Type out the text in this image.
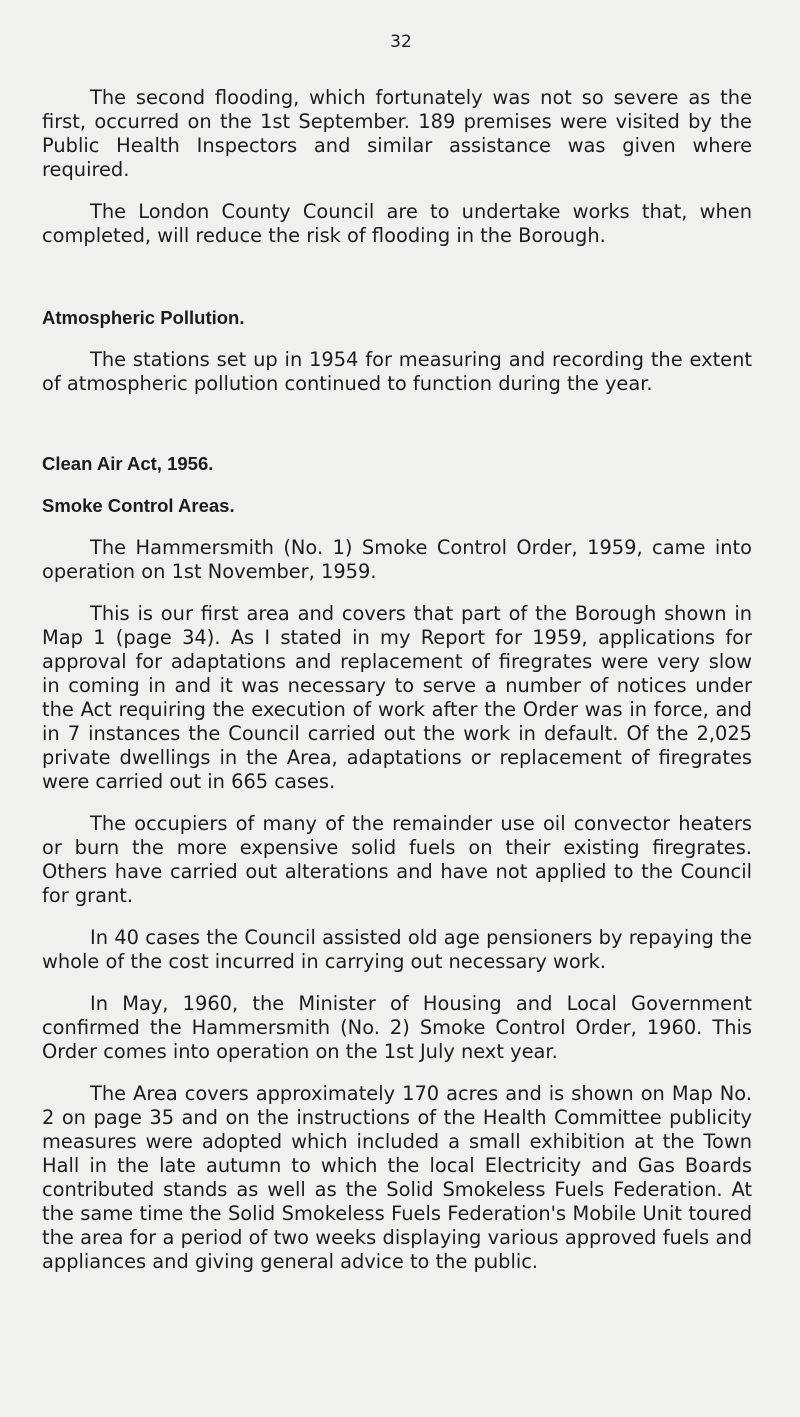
32

The second flooding, which fortunately was not so severe as the first, occurred on the 1st September. 189 premises were visited by the Public Health Inspectors and similar assistance was given where required.

The London County Council are to undertake works that, when completed, will reduce the risk of flooding in the Borough.

Atmospheric Pollution.

The stations set up in 1954 for measuring and recording the extent of atmospheric pollution continued to function during the year.

Clean Air Act, 1956.
Smoke Control Areas.

The Hammersmith (No. 1) Smoke Control Order, 1959, came into operation on 1st November, 1959.

This is our first area and covers that part of the Borough shown in Map 1 (page 34). As I stated in my Report for 1959, applications for approval for adaptations and replacement of firegrates were very slow in coming in and it was necessary to serve a number of notices under the Act requiring the execution of work after the Order was in force, and in 7 instances the Council carried out the work in default. Of the 2,025 private dwellings in the Area, adaptations or replacement of firegrates were carried out in 665 cases.

The occupiers of many of the remainder use oil convector heaters or burn the more expensive solid fuels on their existing firegrates. Others have carried out alterations and have not applied to the Council for grant.

In 40 cases the Council assisted old age pensioners by repaying the whole of the cost incurred in carrying out necessary work.

In May, 1960, the Minister of Housing and Local Government confirmed the Hammersmith (No. 2) Smoke Control Order, 1960. This Order comes into operation on the 1st July next year.

The Area covers approximately 170 acres and is shown on Map No. 2 on page 35 and on the instructions of the Health Committee publicity measures were adopted which included a small exhibition at the Town Hall in the late autumn to which the local Electricity and Gas Boards contributed stands as well as the Solid Smokeless Fuels Federation. At the same time the Solid Smokeless Fuels Federation's Mobile Unit toured the area for a period of two weeks displaying various approved fuels and appliances and giving general advice to the public.
